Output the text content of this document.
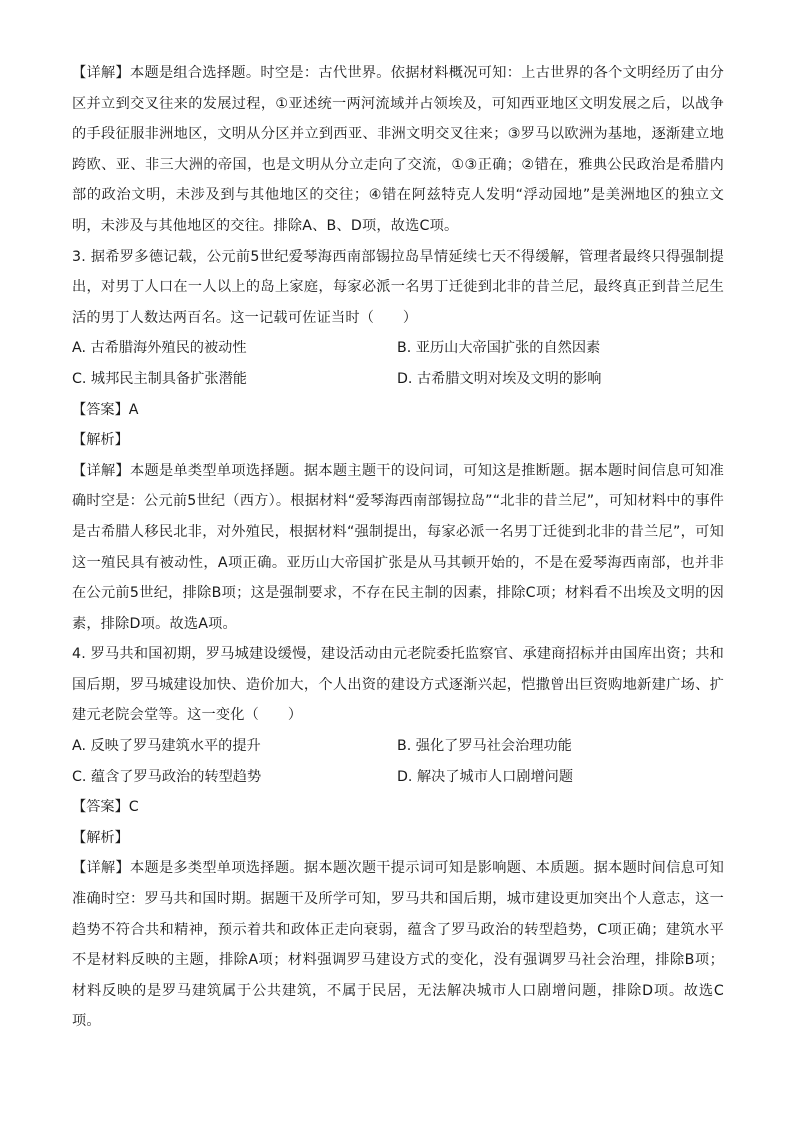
【详解】本题是组合选择题。时空是：古代世界。依据材料概况可知：上古世界的各个文明经历了由分区并立到交叉往来的发展过程，①亚述统一两河流域并占领埃及，可知西亚地区文明发展之后，以战争的手段征服非洲地区，文明从分区并立到西亚、非洲文明交叉往来；③罗马以欧洲为基地，逐渐建立地跨欧、亚、非三大洲的帝国，也是文明从分立走向了交流，①③正确；②错在，雅典公民政治是希腊内部的政治文明，未涉及到与其他地区的交往；④错在阿兹特克人发明“浮动园地”是美洲地区的独立文明，未涉及与其他地区的交往。排除A、B、D项，故选C项。

3. 据希罗多德记载，公元前5世纪爱琴海西南部锡拉岛旱情延续七天不得缓解，管理者最终只得强制提出，对男丁人口在一人以上的岛上家庭，每家必派一名男丁迁徙到北非的昔兰尼，最终真正到昔兰尼生活的男丁人数达两百名。这一记载可佐证当时（　　）

A. 古希腊海外殖民的被动性	B. 亚历山大帝国扩张的自然因素
C. 城邦民主制具备扩张潜能	D. 古希腊文明对埃及文明的影响

【答案】A

【解析】

【详解】本题是单类型单项选择题。据本题主题干的设问词，可知这是推断题。据本题时间信息可知准确时空是：公元前5世纪（西方）。根据材料“爱琴海西南部锡拉岛”“北非的昔兰尼”，可知材料中的事件是古希腊人移民北非，对外殖民，根据材料“强制提出，每家必派一名男丁迁徙到北非的昔兰尼”，可知这一殖民具有被动性，A项正确。亚历山大帝国扩张是从马其顿开始的，不是在爱琴海西南部，也并非在公元前5世纪，排除B项；这是强制要求，不存在民主制的因素，排除C项；材料看不出埃及文明的因素，排除D项。故选A项。

4. 罗马共和国初期，罗马城建设缓慢，建设活动由元老院委托监察官、承建商招标并由国库出资；共和国后期，罗马城建设加快、造价加大，个人出资的建设方式逐渐兴起，恺撒曾出巨资购地新建广场、扩建元老院会堂等。这一变化（　　）

A. 反映了罗马建筑水平的提升	B. 强化了罗马社会治理功能
C. 蕴含了罗马政治的转型趋势	D. 解决了城市人口剧增问题

【答案】C

【解析】

【详解】本题是多类型单项选择题。据本题次题干提示词可知是影响题、本质题。据本题时间信息可知准确时空：罗马共和国时期。据题干及所学可知，罗马共和国后期，城市建设更加突出个人意志，这一趋势不符合共和精神，预示着共和政体正走向衰弱，蕴含了罗马政治的转型趋势，C项正确；建筑水平不是材料反映的主题，排除A项；材料强调罗马建设方式的变化，没有强调罗马社会治理，排除B项；材料反映的是罗马建筑属于公共建筑，不属于民居，无法解决城市人口剧增问题，排除D项。故选C项。
